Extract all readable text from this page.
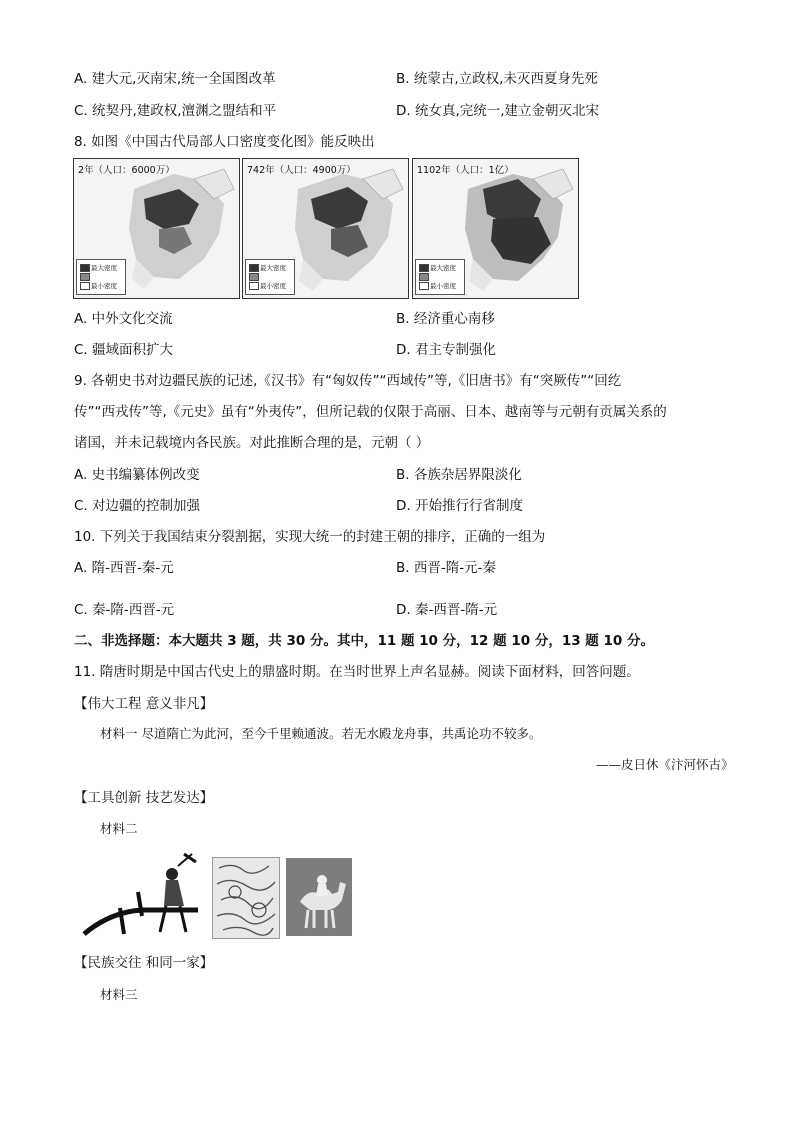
A. 建大元,灭南宋,统一全国图改革	B. 统蒙古,立政权,未灭西夏身先死
C. 统契丹,建政权,澶渊之盟结和平	D. 统女真,完统一,建立金朝灭北宋
8. 如图《中国古代局部人口密度变化图》能反映出
2年（人口：6000万）
最大密度
最小密度
742年（人口：4900万）
最大密度
最小密度
1102年（人口：1亿）
最大密度
最小密度
A. 中外文化交流	B. 经济重心南移
C. 疆域面积扩大	D. 君主专制强化
9. 各朝史书对边疆民族的记述,《汉书》有“匈奴传”“西域传”等,《旧唐书》有“突厥传”“回纥
传”“西戎传”等,《元史》虽有“外夷传”，但所记载的仅限于高丽、日本、越南等与元朝有贡属关系的
诸国，并未记载境内各民族。对此推断合理的是，元朝（ ）
A. 史书编纂体例改变	B. 各族杂居界限淡化
C. 对边疆的控制加强	D. 开始推行行省制度
10. 下列关于我国结束分裂割据，实现大统一的封建王朝的排序，正确的一组为
A. 隋-西晋-秦-元	B. 西晋-隋-元-秦
C. 秦-隋-西晋-元	D. 秦-西晋-隋-元
二、非选择题：本大题共 3 题，共 30 分。其中，11 题 10 分，12 题 10 分，13 题 10 分。
11. 隋唐时期是中国古代史上的鼎盛时期。在当时世界上声名显赫。阅读下面材料，回答问题。
【伟大工程 意义非凡】
材料一 尽道隋亡为此河，至今千里赖通波。若无水殿龙舟事，共禹论功不较多。
——皮日休《汴河怀古》
【工具创新 技艺发达】
材料二
【民族交往 和同一家】
材料三
